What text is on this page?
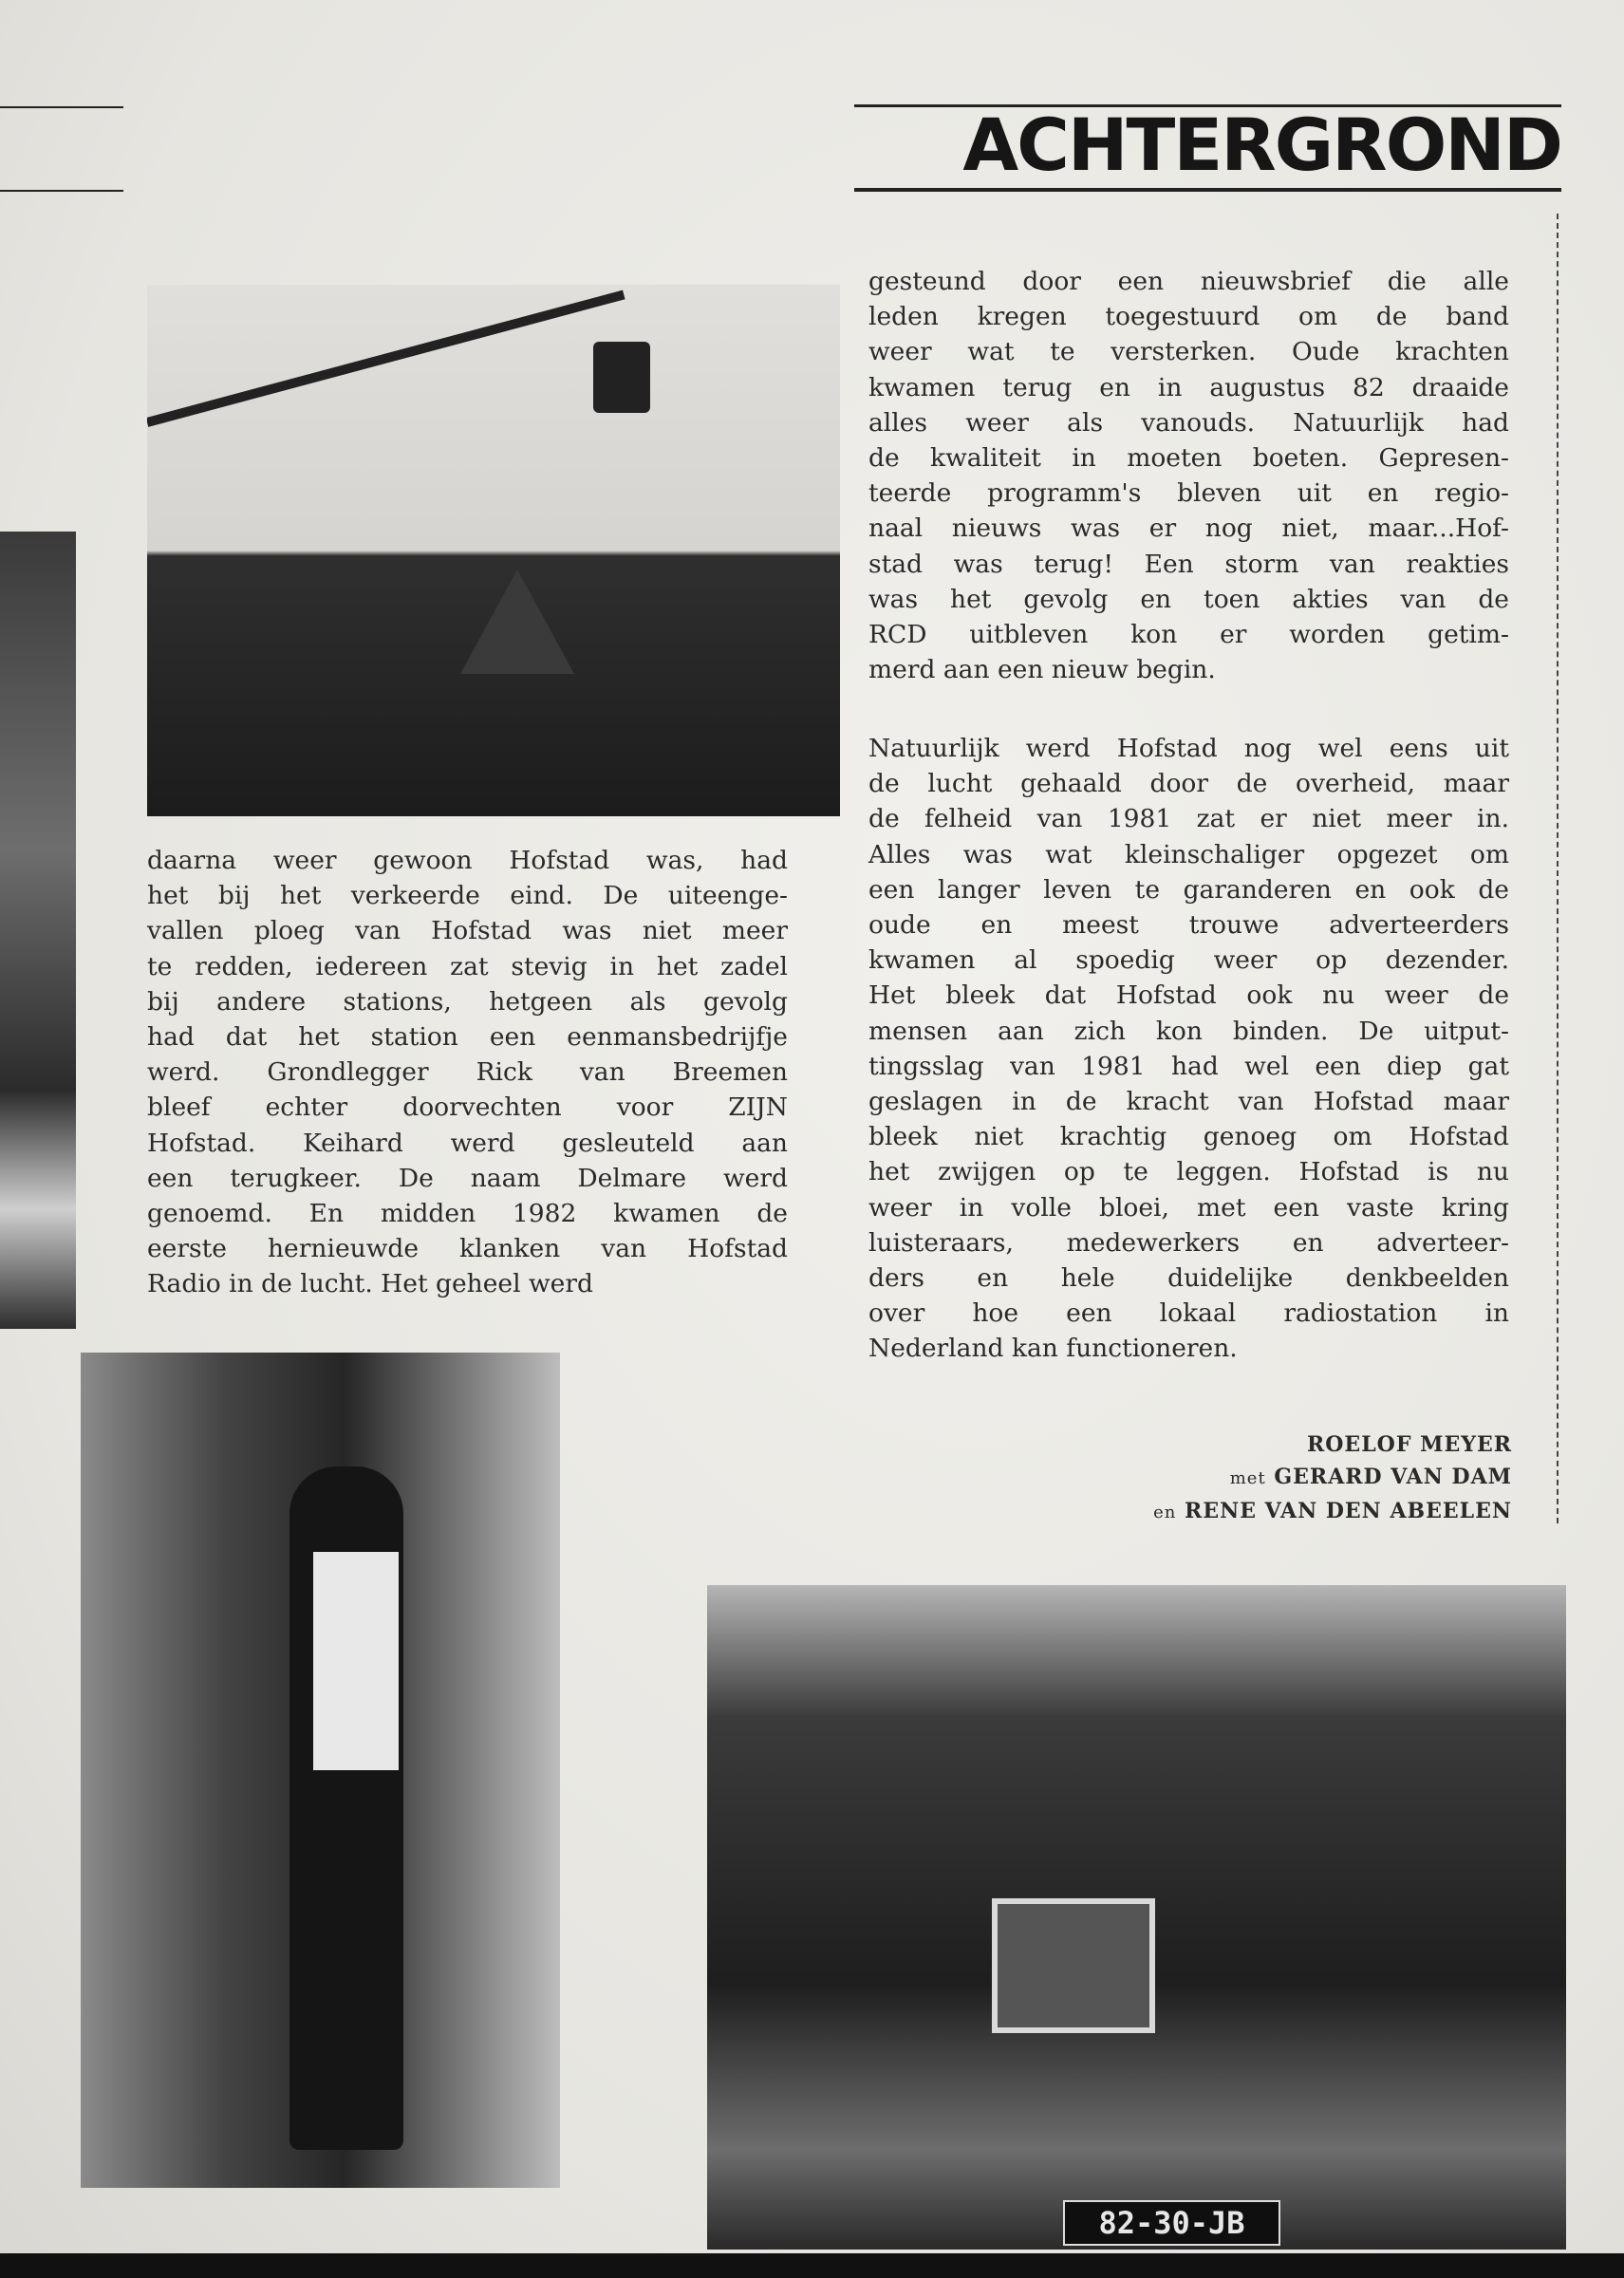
ACHTERGROND
daarna weer gewoon Hofstad was, had
het bij het verkeerde eind. De uiteenge-
vallen ploeg van Hofstad was niet meer
te redden, iedereen zat stevig in het zadel
bij andere stations, hetgeen als gevolg
had dat het station een eenmansbedrijfje
werd. Grondlegger Rick van Breemen
bleef echter doorvechten voor ZIJN
Hofstad. Keihard werd gesleuteld aan
een terugkeer. De naam Delmare werd
genoemd. En midden 1982 kwamen de
eerste hernieuwde klanken van Hofstad
Radio in de lucht. Het geheel werd
gesteund door een nieuwsbrief die alle
leden kregen toegestuurd om de band
weer wat te versterken. Oude krachten
kwamen terug en in augustus 82 draaide
alles weer als vanouds. Natuurlijk had
de kwaliteit in moeten boeten. Gepresen-
teerde programm's bleven uit en regio-
naal nieuws was er nog niet, maar...Hof-
stad was terug! Een storm van reakties
was het gevolg en toen akties van de
RCD uitbleven kon er worden getim-
merd aan een nieuw begin.
Natuurlijk werd Hofstad nog wel eens uit
de lucht gehaald door de overheid, maar
de felheid van 1981 zat er niet meer in.
Alles was wat kleinschaliger opgezet om
een langer leven te garanderen en ook de
oude en meest trouwe adverteerders
kwamen al spoedig weer op dezender.
Het bleek dat Hofstad ook nu weer de
mensen aan zich kon binden. De uitput-
tingsslag van 1981 had wel een diep gat
geslagen in de kracht van Hofstad maar
bleek niet krachtig genoeg om Hofstad
het zwijgen op te leggen. Hofstad is nu
weer in volle bloei, met een vaste kring
luisteraars, medewerkers en adverteer-
ders en hele duidelijke denkbeelden
over hoe een lokaal radiostation in
Nederland kan functioneren.
ROELOF MEYER
met GERARD VAN DAM
en RENE VAN DEN ABEELEN
82-30-JB
